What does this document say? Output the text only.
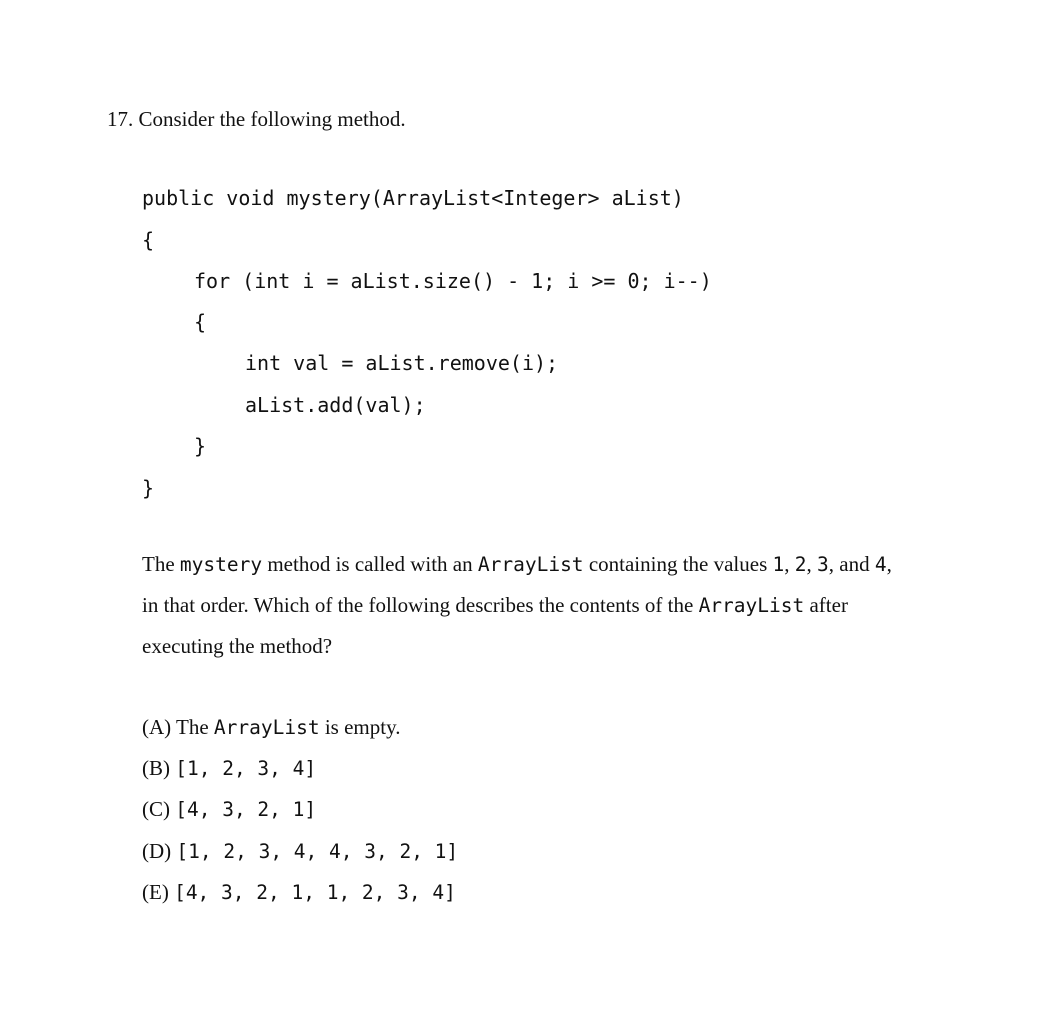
17. Consider the following method.
public void mystery(ArrayList<Integer> aList)
{
for (int i = aList.size() - 1; i >= 0; i--)
{
int val = aList.remove(i);
aList.add(val);
}
}
The mystery method is called with an ArrayList containing the values 1, 2, 3, and 4,
in that order. Which of the following describes the contents of the ArrayList after
executing the method?
(A) The ArrayList is empty.
(B) [1, 2, 3, 4]
(C) [4, 3, 2, 1]
(D) [1, 2, 3, 4, 4, 3, 2, 1]
(E) [4, 3, 2, 1, 1, 2, 3, 4]
